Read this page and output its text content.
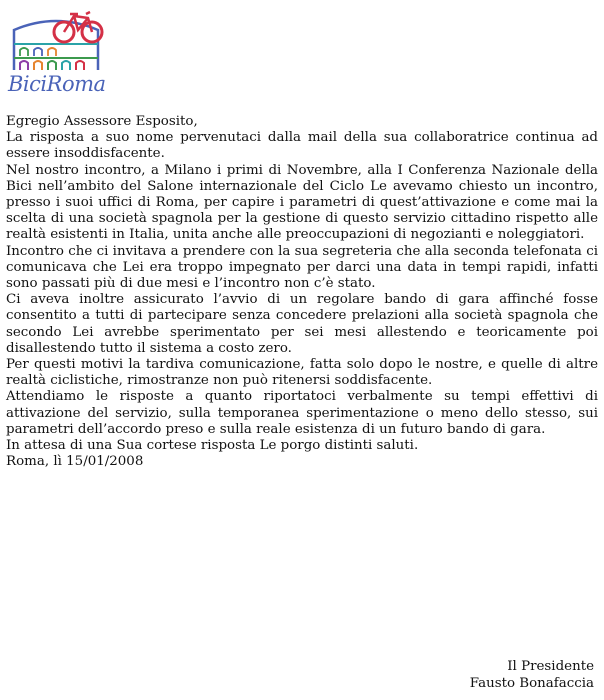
BiciRoma

Egregio Assessore Esposito,

La risposta a suo nome pervenutaci dalla mail della sua collaboratrice continua ad essere insoddisfacente.

Nel nostro incontro, a Milano i primi di Novembre, alla I Conferenza Nazionale della Bici nell’ambito del Salone internazionale del Ciclo Le avevamo chiesto un incontro, presso i suoi uffici di Roma, per capire i parametri di quest’attivazione e come mai la scelta di una società spagnola per la gestione di questo servizio cittadino rispetto alle realtà esistenti in Italia, unita anche alle preoccupazioni di negozianti e noleggiatori.

Incontro che ci invitava a prendere con la sua segreteria che alla seconda telefonata ci comunicava che Lei era troppo impegnato per darci una data in tempi rapidi, infatti sono passati più di due mesi e l’incontro non c’è stato.

Ci aveva inoltre assicurato l’avvio di un regolare bando di gara affinché fosse consentito a tutti di partecipare senza concedere prelazioni alla società spagnola che secondo Lei avrebbe sperimentato per sei mesi allestendo e teoricamente poi disallestendo tutto il sistema a costo zero.

Per questi motivi la tardiva comunicazione, fatta solo dopo le nostre, e quelle di altre realtà ciclistiche, rimostranze non può ritenersi soddisfacente.

Attendiamo le risposte a quanto riportatoci verbalmente su tempi effettivi di attivazione del servizio, sulla temporanea sperimentazione o meno dello stesso, sui parametri dell’accordo preso e sulla reale esistenza di un futuro bando di gara.

In attesa di una Sua cortese risposta Le porgo distinti saluti.

Roma, lì 15/01/2008

Il Presidente
Fausto Bonafaccia
